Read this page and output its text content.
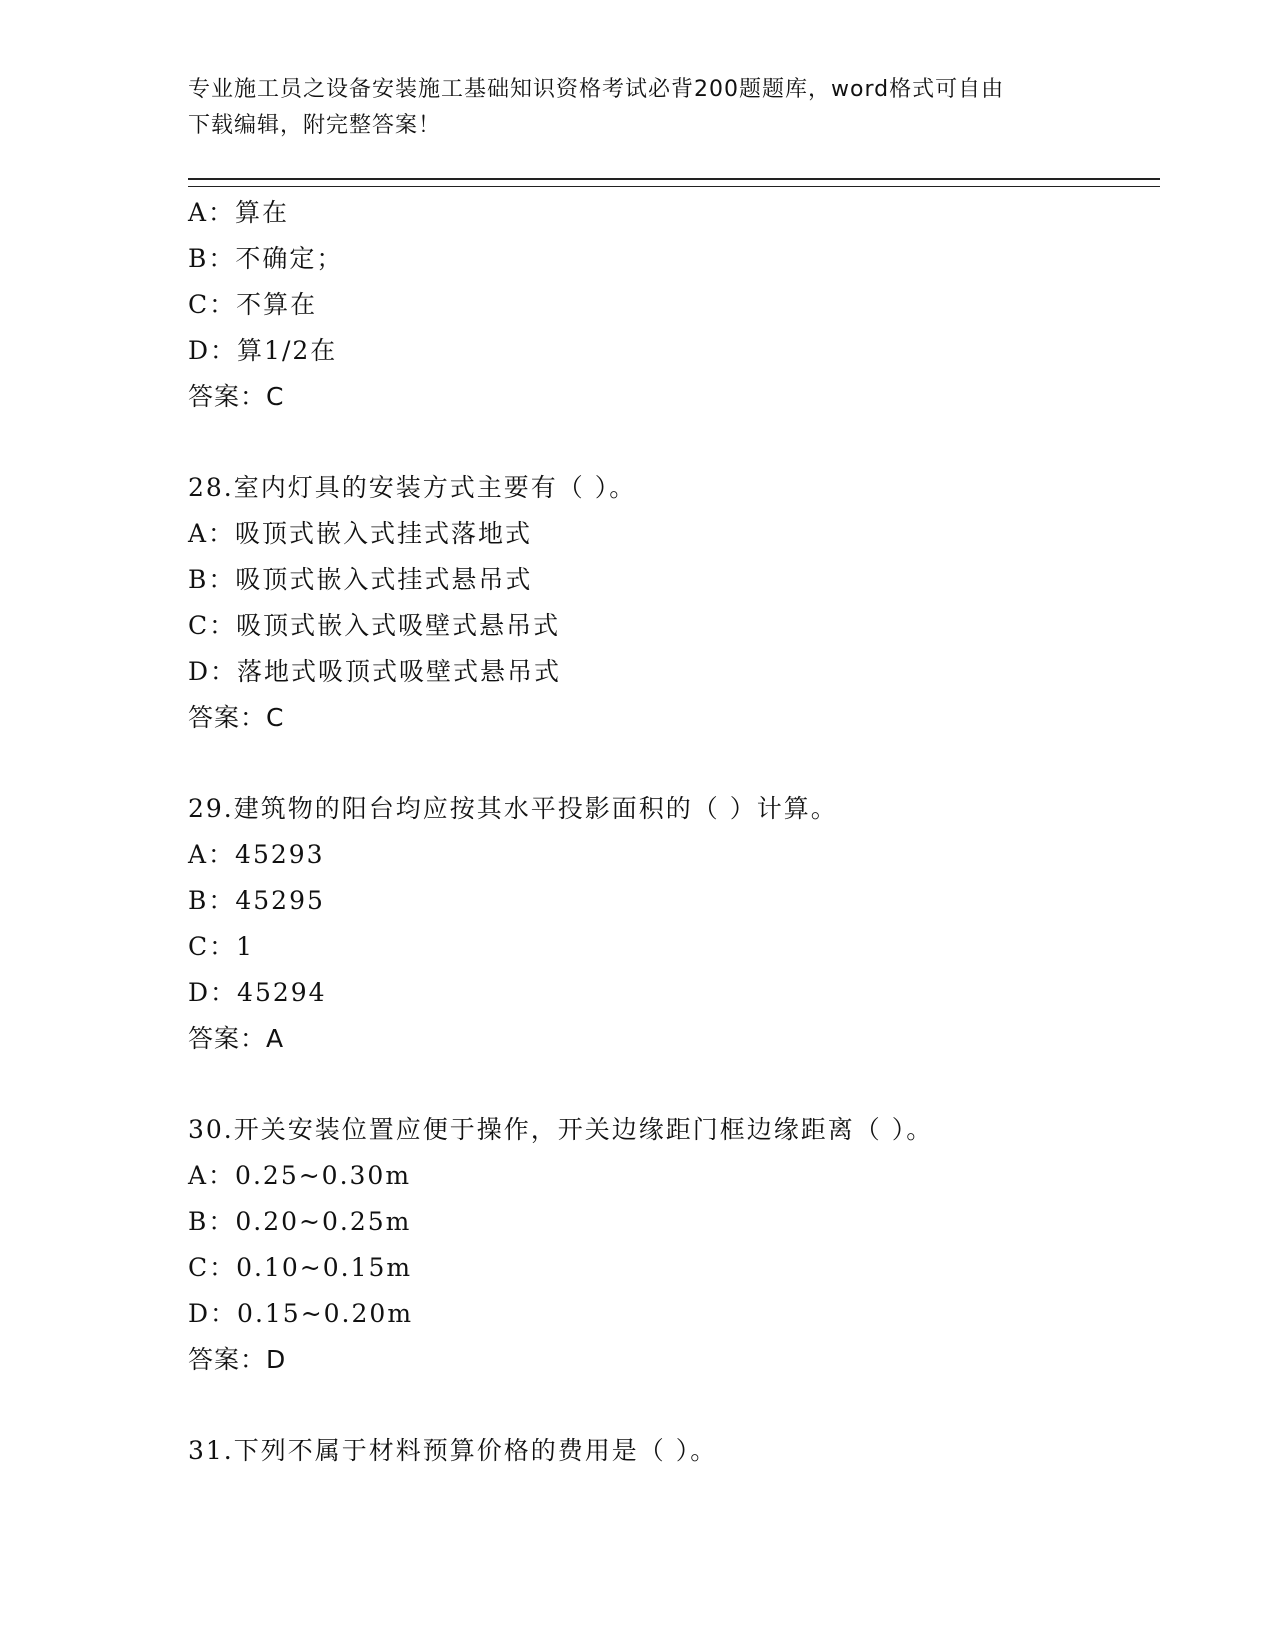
专业施工员之设备安装施工基础知识资格考试必背200题题库，word格式可自由
下载编辑，附完整答案！
A：算在
B：不确定；
C：不算在
D：算1/2在
答案：C
28.室内灯具的安装方式主要有（ ）。
A：吸顶式嵌入式挂式落地式
B：吸顶式嵌入式挂式悬吊式
C：吸顶式嵌入式吸壁式悬吊式
D：落地式吸顶式吸壁式悬吊式
答案：C
29.建筑物的阳台均应按其水平投影面积的（ ）计算。
A：45293
B：45295
C：1
D：45294
答案：A
30.开关安装位置应便于操作，开关边缘距门框边缘距离（ ）。
A：0.25~0.30m
B：0.20~0.25m
C：0.10~0.15m
D：0.15~0.20m
答案：D
31.下列不属于材料预算价格的费用是（ ）。
